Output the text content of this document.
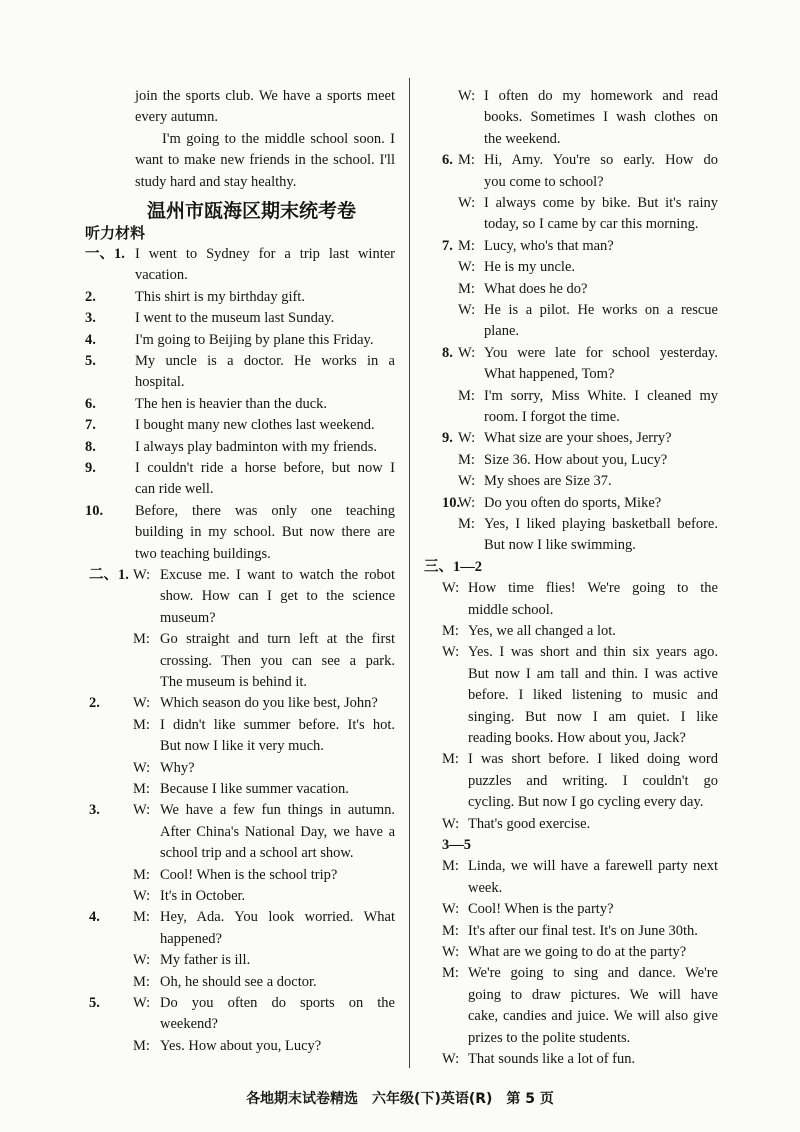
join the sports club. We have a sports meet
every autumn.
I'm going to the middle school soon. I
want to make new friends in the school. I'll
study hard and stay healthy.
温州市瓯海区期末统考卷
听力材料
一、1. I went to Sydney for a trip last winter
vacation.
2.	This shirt is my birthday gift.
3.	I went to the museum last Sunday.
4.	I'm going to Beijing by plane this Friday.
5.	My uncle is a doctor. He works in a
hospital.
6.	The hen is heavier than the duck.
7.	I bought many new clothes last weekend.
8.	I always play badminton with my friends.
9.	I couldn't ride a horse before, but now I
can ride well.
10. Before, there was only one teaching
building in my school. But now there are
two teaching buildings.
二、1. W: Excuse me. I want to watch the robot
show. How can I get to the science
museum?
M: Go straight and turn left at the first
crossing. Then you can see a park.
The museum is behind it.
2. W: Which season do you like best, John?
M: I didn't like summer before. It's hot.
But now I like it very much.
W: Why?
M: Because I like summer vacation.
3. W: We have a few fun things in autumn.
After China's National Day, we have a
school trip and a school art show.
M: Cool! When is the school trip?
W: It's in October.
4. M: Hey, Ada. You look worried. What
happened?
W: My father is ill.
M: Oh, he should see a doctor.
5. W: Do you often do sports on the
weekend?
M: Yes. How about you, Lucy?
W: I often do my homework and read
books. Sometimes I wash clothes on
the weekend.
6. M: Hi, Amy. You're so early. How do
you come to school?
W: I always come by bike. But it's rainy
today, so I came by car this morning.
7. M: Lucy, who's that man?
W: He is my uncle.
M: What does he do?
W: He is a pilot. He works on a rescue
plane.
8. W: You were late for school yesterday.
What happened, Tom?
M: I'm sorry, Miss White. I cleaned my
room. I forgot the time.
9. W: What size are your shoes, Jerry?
M: Size 36. How about you, Lucy?
W: My shoes are Size 37.
10.
W: Do you often do sports, Mike?
M: Yes, I liked playing basketball before.
But now I like swimming.
三、1—2
W: How time flies! We're going to the
middle school.
M: Yes, we all changed a lot.
W: Yes. I was short and thin six years ago.
But now I am tall and thin. I was active
before. I liked listening to music and
singing. But now I am quiet. I like
reading books. How about you, Jack?
M: I was short before. I liked doing word
puzzles and writing. I couldn't go
cycling. But now I go cycling every day.
W: That's good exercise.
3—5
M: Linda, we will have a farewell party next
week.
W: Cool! When is the party?
M: It's after our final test. It's on June 30th.
W: What are we going to do at the party?
M: We're going to sing and dance. We're
going to draw pictures. We will have
cake, candies and juice. We will also give
prizes to the polite students.
W: That sounds like a lot of fun.
各地期末试卷精选　六年级(下)英语(R)　第 5 页
